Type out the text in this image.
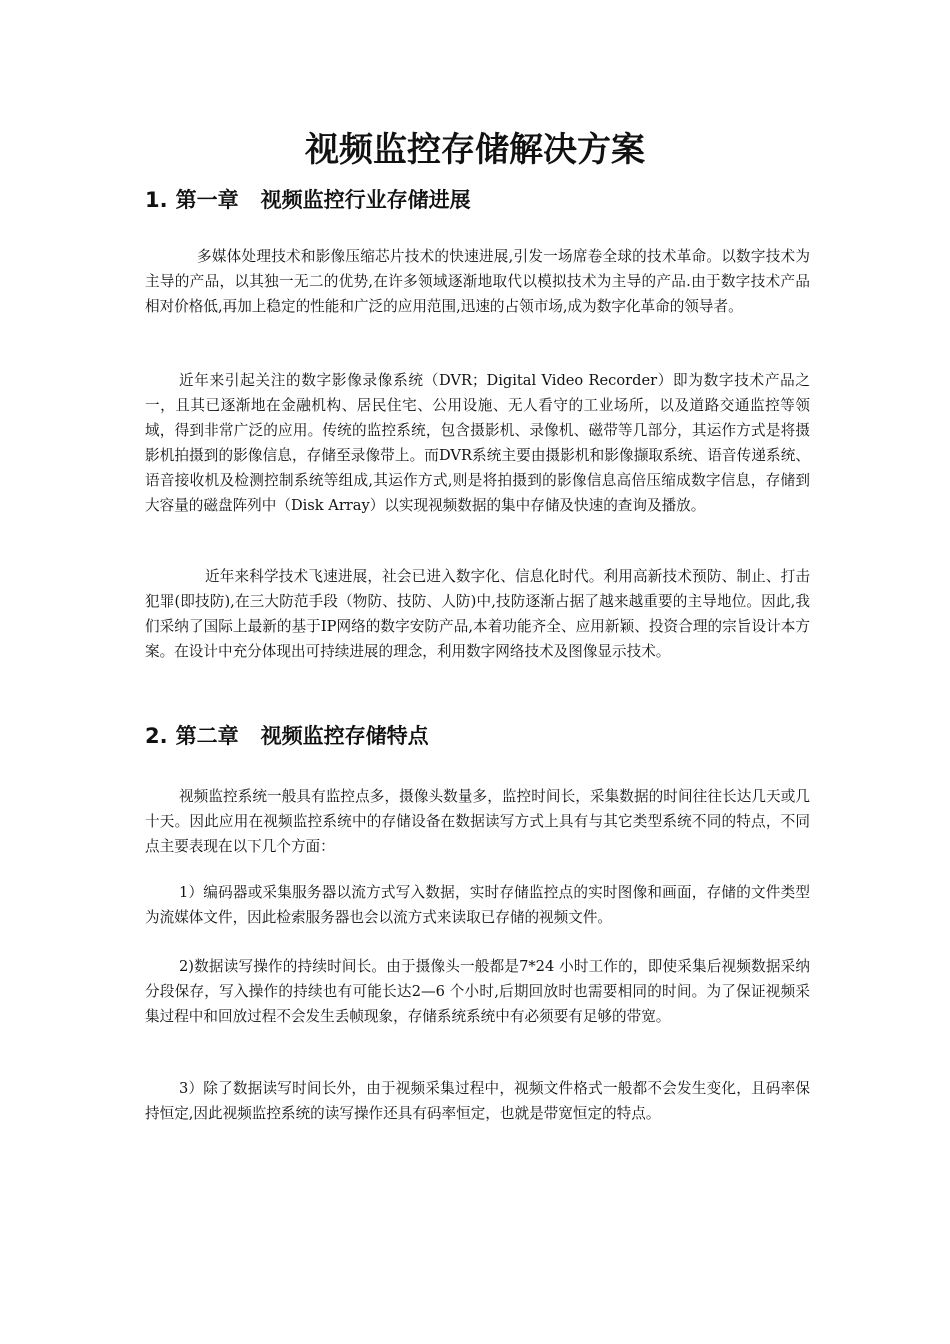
视频监控存储解决方案
1. 第一章 视频监控行业存储进展

多媒体处理技术和影像压缩芯片技术的快速进展,引发一场席卷全球的技术革命。以数字技术为主导的产品，以其独一无二的优势,在许多领域逐渐地取代以模拟技术为主导的产品.由于数字技术产品相对价格低,再加上稳定的性能和广泛的应用范围,迅速的占领市场,成为数字化革命的领导者。

近年来引起关注的数字影像录像系统（DVR；Digital Video Recorder）即为数字技术产品之一，且其已逐渐地在金融机构、居民住宅、公用设施、无人看守的工业场所，以及道路交通监控等领域，得到非常广泛的应用。传统的监控系统，包含摄影机、录像机、磁带等几部分，其运作方式是将摄影机拍摄到的影像信息，存储至录像带上。而DVR系统主要由摄影机和影像撷取系统、语音传递系统、语音接收机及检测控制系统等组成,其运作方式,则是将拍摄到的影像信息高倍压缩成数字信息，存储到大容量的磁盘阵列中（Disk Array）以实现视频数据的集中存储及快速的查询及播放。

近年来科学技术飞速进展，社会已进入数字化、信息化时代。利用高新技术预防、制止、打击犯罪(即技防),在三大防范手段（物防、技防、人防)中,技防逐渐占据了越来越重要的主导地位。因此,我们采纳了国际上最新的基于IP网络的数字安防产品,本着功能齐全、应用新颖、投资合理的宗旨设计本方案。在设计中充分体现出可持续进展的理念，利用数字网络技术及图像显示技术。

2. 第二章 视频监控存储特点

视频监控系统一般具有监控点多，摄像头数量多，监控时间长，采集数据的时间往往长达几天或几十天。因此应用在视频监控系统中的存储设备在数据读写方式上具有与其它类型系统不同的特点，不同点主要表现在以下几个方面：

1）编码器或采集服务器以流方式写入数据，实时存储监控点的实时图像和画面，存储的文件类型为流媒体文件，因此检索服务器也会以流方式来读取已存储的视频文件。

2)数据读写操作的持续时间长。由于摄像头一般都是7*24 小时工作的，即使采集后视频数据采纳分段保存，写入操作的持续也有可能长达2—6 个小时,后期回放时也需要相同的时间。为了保证视频采集过程中和回放过程不会发生丢帧现象，存储系统系统中有必须要有足够的带宽。

3）除了数据读写时间长外，由于视频采集过程中，视频文件格式一般都不会发生变化，且码率保持恒定,因此视频监控系统的读写操作还具有码率恒定，也就是带宽恒定的特点。
